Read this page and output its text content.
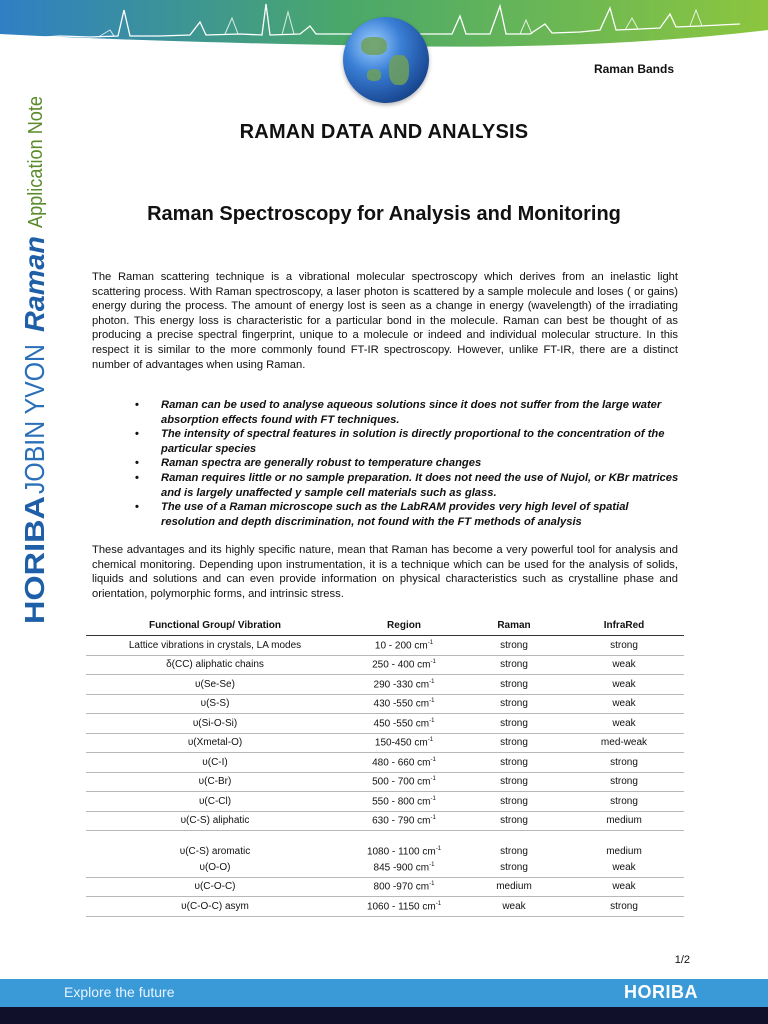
Raman Bands
HORIBA
JOBIN YVON
Raman
Application Note	RAMAN DATA AND ANALYSIS
Raman Spectroscopy for Analysis and Monitoring

The Raman scattering technique is a vibrational molecular spectroscopy which derives from an inelastic light scattering process. With Raman spectroscopy, a laser photon is scattered by a sample molecule and loses ( or gains) energy during the process. The amount of energy lost is seen as a change in energy (wavelength) of the irradiating photon. This energy loss is characteristic for a particular bond in the molecule. Raman can best be thought of as producing a precise spectral fingerprint, unique to a molecule or indeed and individual molecular structure. In this respect it is similar to the more commonly found FT-IR spectroscopy. However, unlike FT-IR, there are a distinct number of advantages when using Raman.

• Raman can be used to analyse aqueous solutions since it does not suffer from the large water absorption effects found with FT techniques.
• The intensity of spectral features in solution is directly proportional to the concentration of the particular species
• Raman spectra are generally robust to temperature changes
• Raman requires little or no sample preparation. It does not need the use of Nujol, or KBr matrices and is largely unaffected y sample cell materials such as glass.
• The use of a Raman microscope such as the LabRAM provides very high level of spatial resolution and depth discrimination, not found with the FT methods of analysis

These advantages and its highly specific nature, mean that Raman has become a very powerful tool for analysis and chemical monitoring. Depending upon instrumentation, it is a technique which can be used for the analysis of solids, liquids and solutions and can even provide information on physical characteristics such as crystalline phase and orientation, polymorphic forms, and intrinsic stress.

Functional Group/ Vibration	Region	Raman	InfraRed
Lattice vibrations in crystals, LA modes	10 - 200 $cm^{-1}$	strong	strong
δ(CC) aliphatic chains	250 - 400 $cm^{-1}$	strong	weak
υ(Se-Se)	290 -330 $cm^{-1}$	strong	weak
υ(S-S)	430 -550 $cm^{-1}$	strong	weak
υ(Si-O-Si)	450 -550 $cm^{-1}$	strong	weak
υ(Xmetal-O)	150-450 $cm^{-1}$	strong	med-weak
υ(C-I)	480 - 660 $cm^{-1}$	strong	strong
υ(C-Br)	500 - 700 $cm^{-1}$	strong	strong
υ(C-Cl)	550 - 800 $cm^{-1}$	strong	strong
υ(C-S) aliphatic	630 - 790 $cm^{-1}$	strong	medium
υ(C-S) aromatic	1080 - 1100 $cm^{-1}$	strong	medium
υ(O-O)	845 -900 $cm^{-1}$	strong	weak
υ(C-O-C)	800 -970 $cm^{-1}$	medium	weak
υ(C-O-C) asym	1060 - 1150 $cm^{-1}$	weak	strong
1/2
Explore the future	HORIBA
